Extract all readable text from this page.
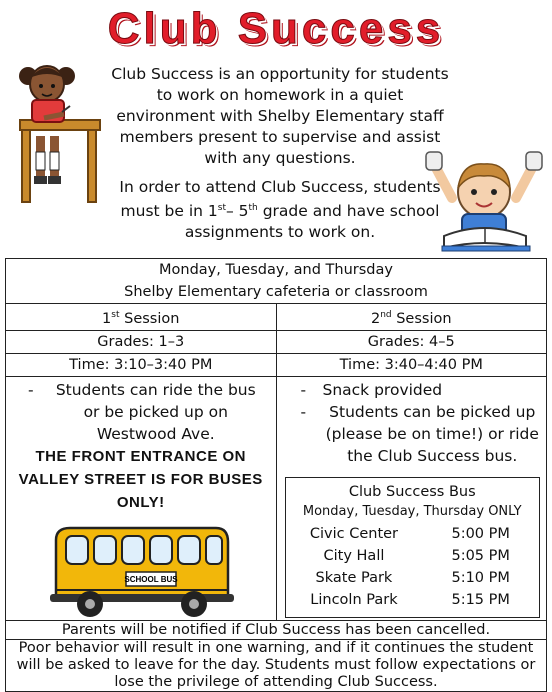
Club Success

Club Success is an opportunity for students to work on homework in a quiet environment with Shelby Elementary staff members present to supervise and assist with any questions.

In order to attend Club Success, students must be in 1st– 5th grade and have school assignments to work on.

Monday, Tuesday, and Thursday
Shelby Elementary cafeteria or classroom

1st Session	2nd Session
Grades: 1–3	Grades: 4–5
Time: 3:10–3:40 PM	Time: 3:40–4:40 PM

- Students can ride the bus or be picked up on Westwood Ave.
THE FRONT ENTRANCE ON VALLEY STREET IS FOR BUSES ONLY!
SCHOOL BUS

- Snack provided
- Students can be picked up (please be on time!) or ride the Club Success bus.
Club Success Bus
Monday, Tuesday, Thursday ONLY
Civic Center	5:00 PM
City Hall	5:05 PM
Skate Park	5:10 PM
Lincoln Park	5:15 PM

Parents will be notified if Club Success has been cancelled.
Poor behavior will result in one warning, and if it continues the student will be asked to leave for the day. Students must follow expectations or lose the privilege of attending Club Success.
